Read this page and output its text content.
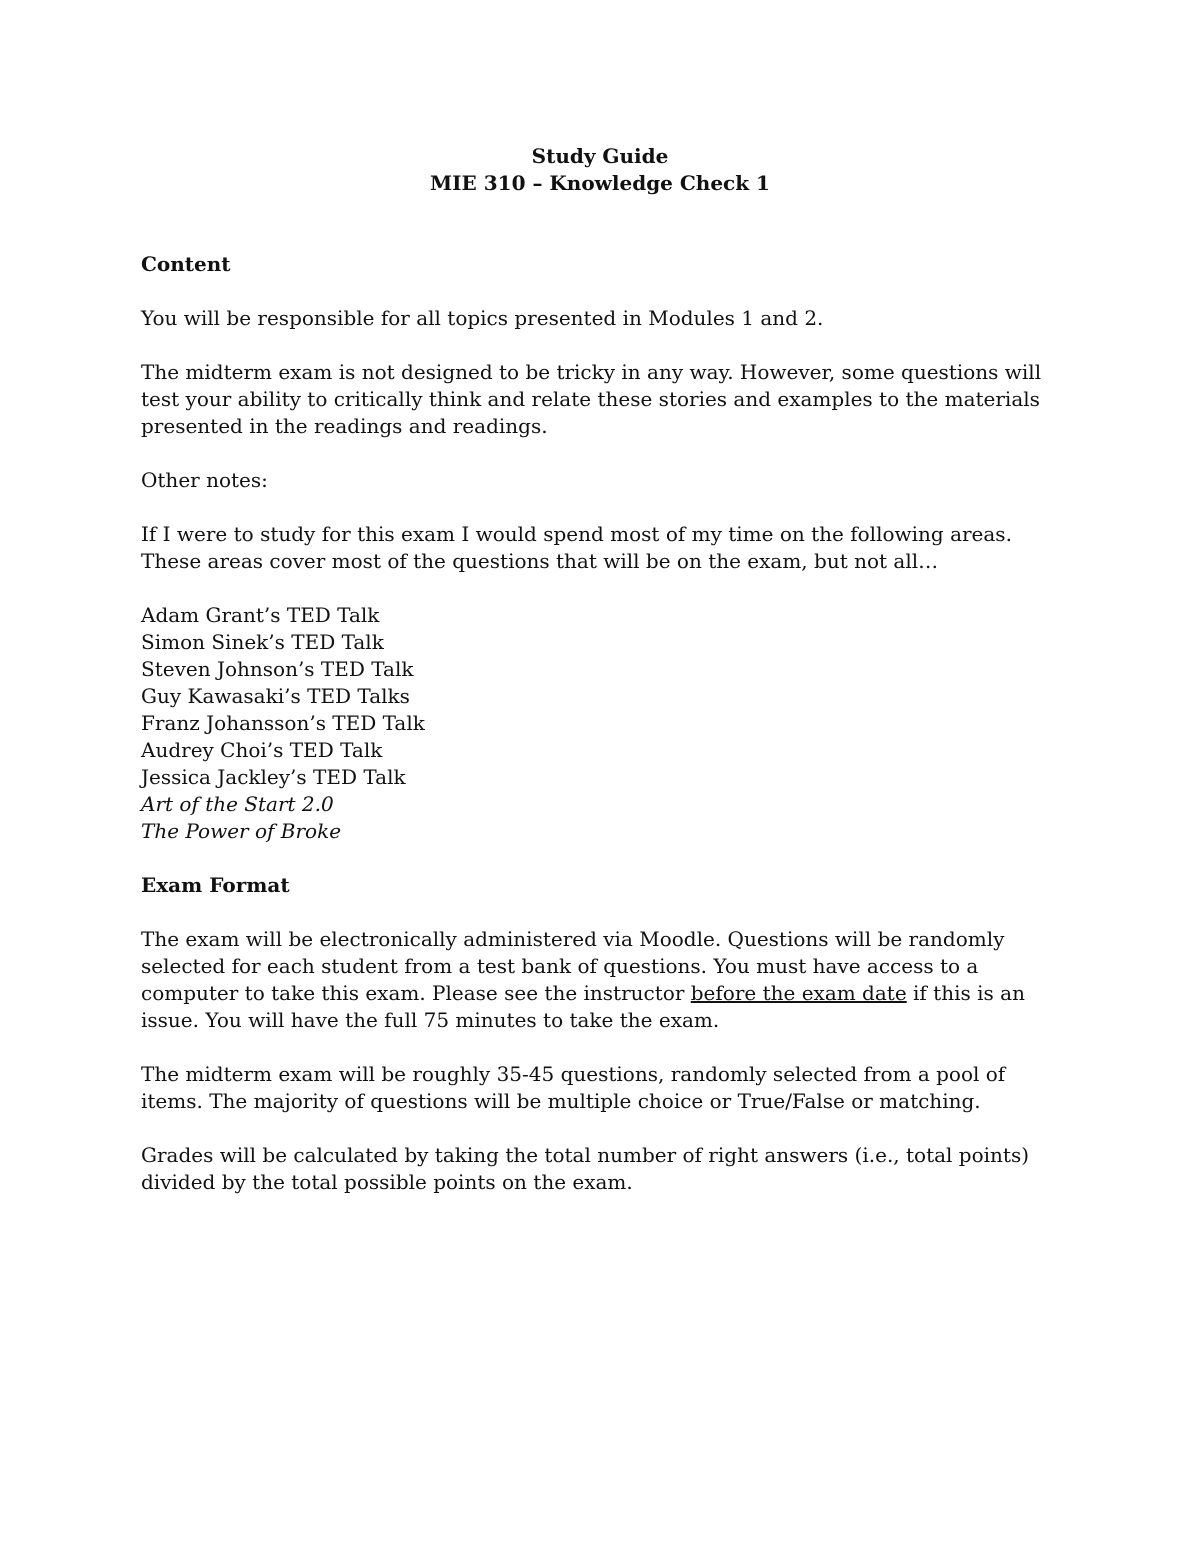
Study Guide
MIE 310 – Knowledge Check 1
Content

You will be responsible for all topics presented in Modules 1 and 2.

The midterm exam is not designed to be tricky in any way. However, some questions will test your ability to critically think and relate these stories and examples to the materials presented in the readings and readings.

Other notes:

If I were to study for this exam I would spend most of my time on the following areas. These areas cover most of the questions that will be on the exam, but not all…

Adam Grant’s TED Talk
Simon Sinek’s TED Talk
Steven Johnson’s TED Talk
Guy Kawasaki’s TED Talks
Franz Johansson’s TED Talk
Audrey Choi’s TED Talk
Jessica Jackley’s TED Talk
Art of the Start 2.0
The Power of Broke
Exam Format

The exam will be electronically administered via Moodle. Questions will be randomly selected for each student from a test bank of questions. You must have access to a computer to take this exam. Please see the instructor before the exam date if this is an issue. You will have the full 75 minutes to take the exam.

The midterm exam will be roughly 35-45 questions, randomly selected from a pool of items. The majority of questions will be multiple choice or True/False or matching.

Grades will be calculated by taking the total number of right answers (i.e., total points) divided by the total possible points on the exam.
